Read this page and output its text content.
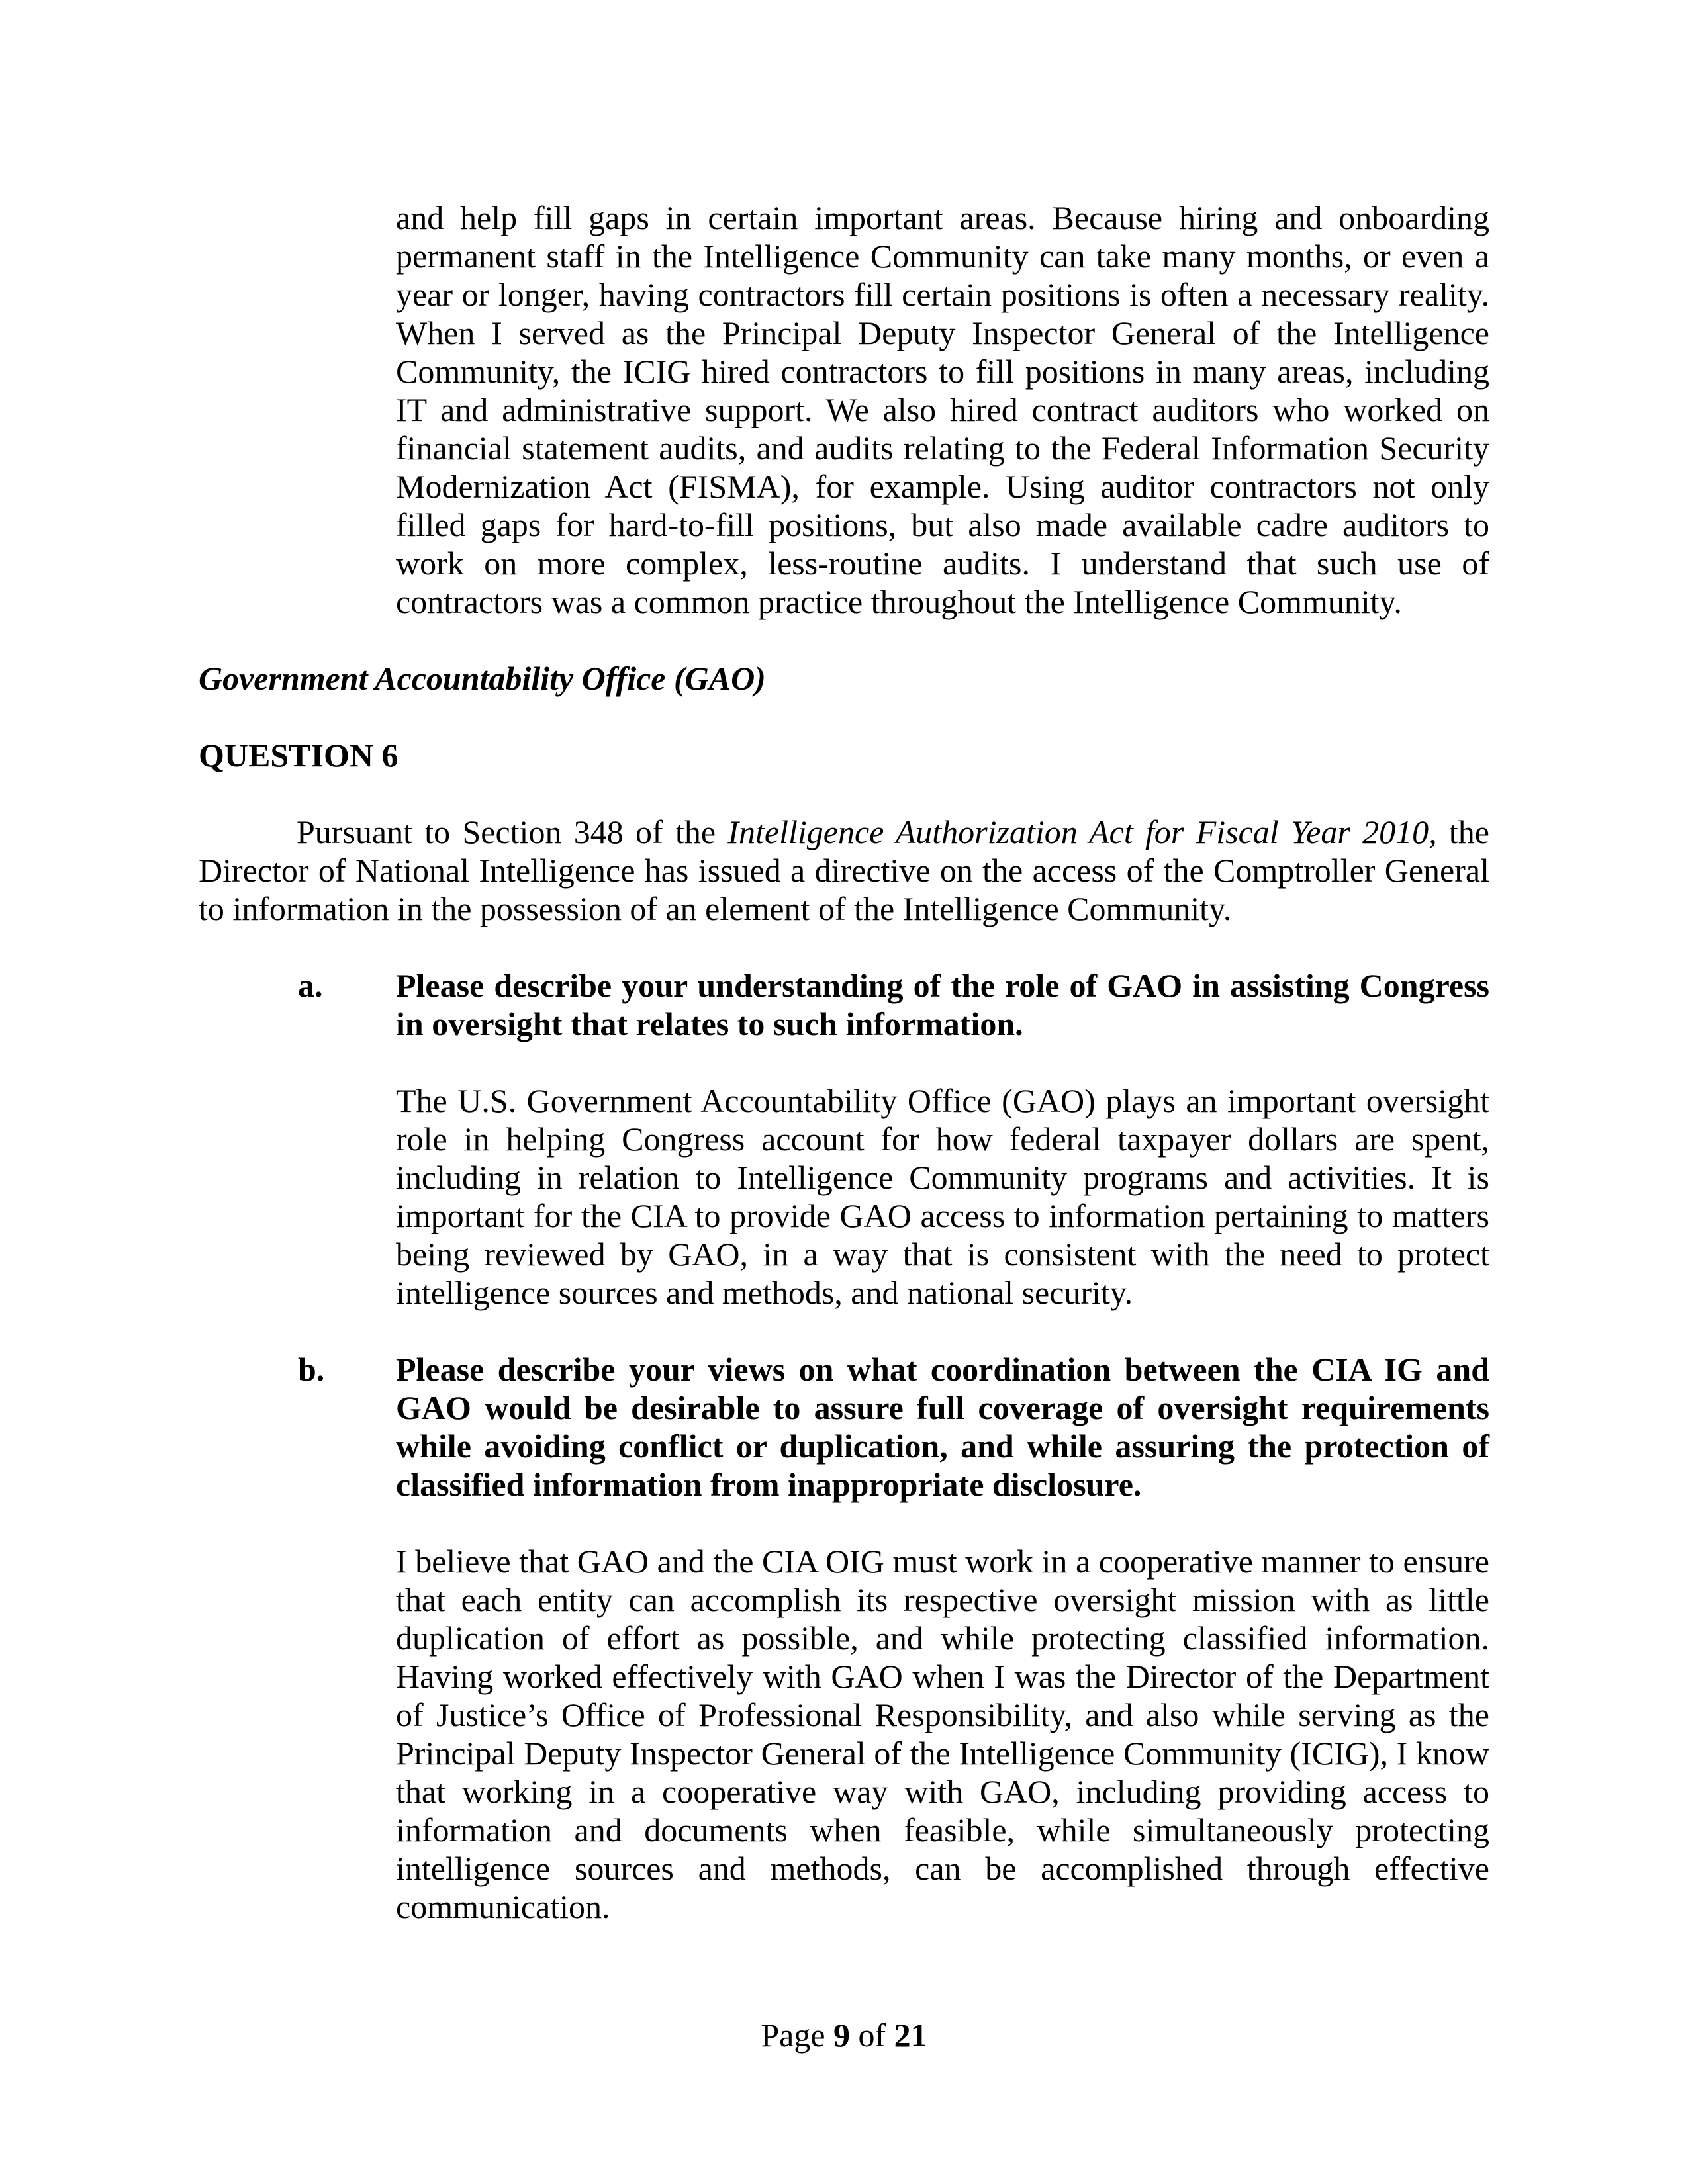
and help fill gaps in certain important areas. Because hiring and onboarding permanent staff in the Intelligence Community can take many months, or even a year or longer, having contractors fill certain positions is often a necessary reality. When I served as the Principal Deputy Inspector General of the Intelligence Community, the ICIG hired contractors to fill positions in many areas, including IT and administrative support. We also hired contract auditors who worked on financial statement audits, and audits relating to the Federal Information Security Modernization Act (FISMA), for example. Using auditor contractors not only filled gaps for hard-to-fill positions, but also made available cadre auditors to work on more complex, less-routine audits. I understand that such use of contractors was a common practice throughout the Intelligence Community.

Government Accountability Office (GAO)
QUESTION 6

Pursuant to Section 348 of the Intelligence Authorization Act for Fiscal Year 2010, the Director of National Intelligence has issued a directive on the access of the Comptroller General to information in the possession of an element of the Intelligence Community.

a.	Please describe your understanding of the role of GAO in assisting Congress in oversight that relates to such information.

The U.S. Government Accountability Office (GAO) plays an important oversight role in helping Congress account for how federal taxpayer dollars are spent, including in relation to Intelligence Community programs and activities. It is important for the CIA to provide GAO access to information pertaining to matters being reviewed by GAO, in a way that is consistent with the need to protect intelligence sources and methods, and national security.

b.	Please describe your views on what coordination between the CIA IG and GAO would be desirable to assure full coverage of oversight requirements while avoiding conflict or duplication, and while assuring the protection of classified information from inappropriate disclosure.

I believe that GAO and the CIA OIG must work in a cooperative manner to ensure that each entity can accomplish its respective oversight mission with as little duplication of effort as possible, and while protecting classified information. Having worked effectively with GAO when I was the Director of the Department of Justice’s Office of Professional Responsibility, and also while serving as the Principal Deputy Inspector General of the Intelligence Community (ICIG), I know that working in a cooperative way with GAO, including providing access to information and documents when feasible, while simultaneously protecting intelligence sources and methods, can be accomplished through effective communication.

Page 9 of 21
